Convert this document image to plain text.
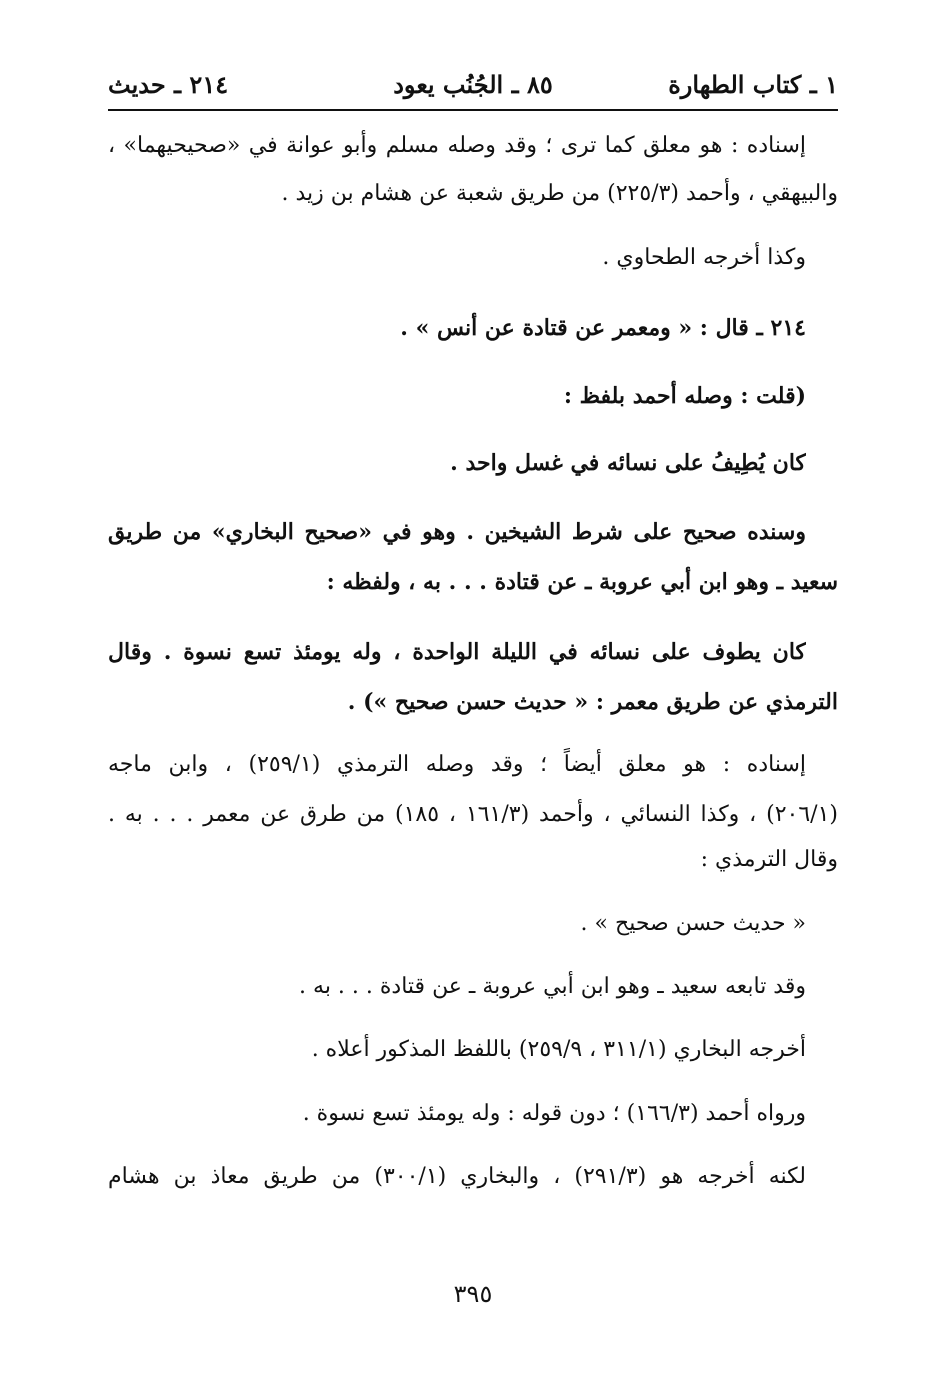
٨٥ ـ الجُنُب يعود	١ ـ كتاب الطهارة
٢١٤ ـ حديث
إسناده : هو معلق كما ترى ؛ وقد وصله مسلم وأبو عوانة في «صحيحيهما» ،
والبيهقي ، وأحمد (٢٢٥/٣) من طريق شعبة عن هشام بن زيد .
وكذا أخرجه الطحاوي .
٢١٤ ـ قال : « ومعمر عن قتادة عن أنس » .
(قلت : وصله أحمد بلفظ :
كان يُطِيفُ على نسائه في غسل واحد .
وسنده صحيح على شرط الشيخين . وهو في «صحيح البخاري» من طريق
سعيد ـ وهو ابن أبي عروبة ـ عن قتادة . . . به ، ولفظه :
كان يطوف على نسائه في الليلة الواحدة ، وله يومئذ تسع نسوة . وقال
الترمذي عن طريق معمر : « حديث حسن صحيح ») .
إسناده : هو معلق أيضاً ؛ وقد وصله الترمذي (٢٥٩/١) ، وابن ماجه
(٢٠٦/١) ، وكذا النسائي ، وأحمد (١٦١/٣ ، ١٨٥) من طرق عن معمر . . . به .
وقال الترمذي :
« حديث حسن صحيح » .
وقد تابعه سعيد ـ وهو ابن أبي عروبة ـ عن قتادة . . . به .
أخرجه البخاري (٣١١/١ ، ٢٥٩/٩) باللفظ المذكور أعلاه .
ورواه أحمد (١٦٦/٣) ؛ دون قوله : وله يومئذ تسع نسوة .
لكنه أخرجه هو (٢٩١/٣) ، والبخاري (٣٠٠/١) من طريق معاذ بن هشام
٣٩٥
